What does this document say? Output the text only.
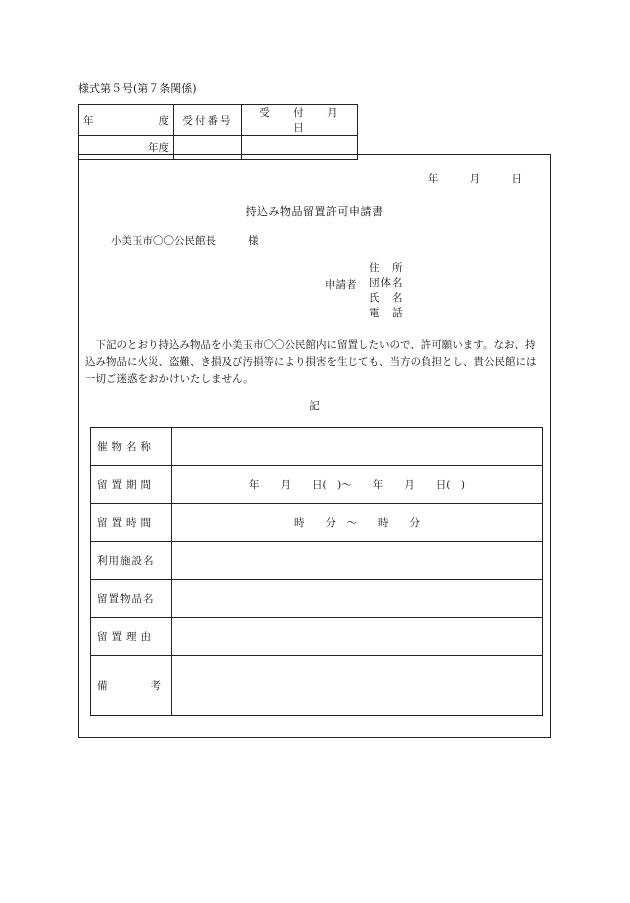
様式第５号(第７条関係)
年 度	受付番号	受 付 月 日
年度		
年	月	日
持込み物品留置許可申請書
小美玉市〇〇公民館長	様
申請者
住　所
団体名
氏　名
電　話
下記のとおり持込み物品を小美玉市〇〇公民館内に留置したいので、許可願います。なお、持込み物品に火災、盗難、き損及び汚損等により損害を生じても、当方の負担とし、貴公民館には一切ご迷惑をおかけいたしません。
記
催物名称	
留置期間	年　　月　　日(　)～　　年　　月　　日(　)
留置時間	時　　分　～　　時　　分
利用施設名	
留置物品名	
留置理由	

備 考	
